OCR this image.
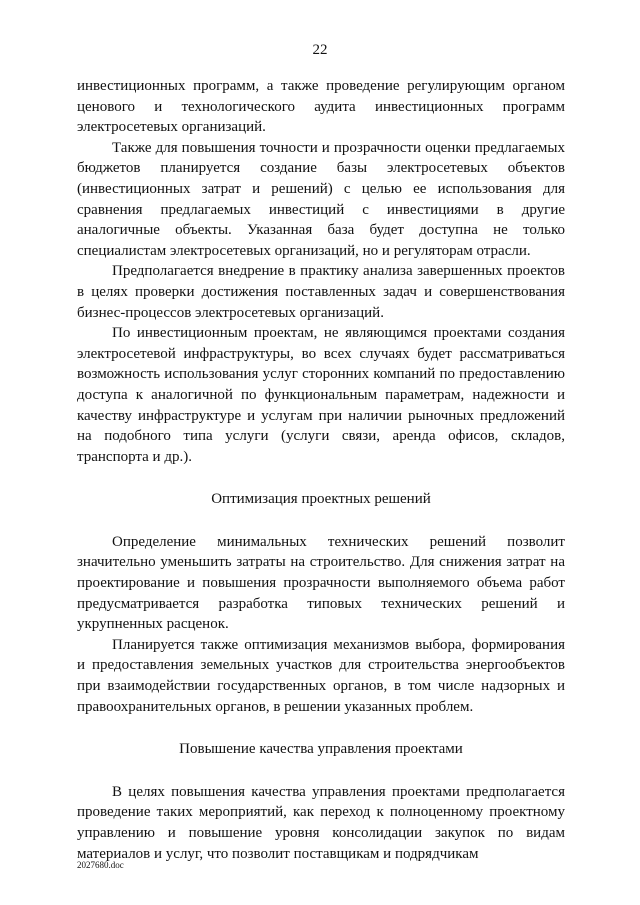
22

инвестиционных программ, а также проведение регулирующим органом ценового и технологического аудита инвестиционных программ электросетевых организаций.

Также для повышения точности и прозрачности оценки предлагаемых бюджетов планируется создание базы электросетевых объектов (инвестиционных затрат и решений) с целью ее использования для сравнения предлагаемых инвестиций с инвестициями в другие аналогичные объекты. Указанная база будет доступна не только специалистам электросетевых организаций, но и регуляторам отрасли.

Предполагается внедрение в практику анализа завершенных проектов в целях проверки достижения поставленных задач и совершенствования бизнес-процессов электросетевых организаций.

По инвестиционным проектам, не являющимся проектами создания электросетевой инфраструктуры, во всех случаях будет рассматриваться возможность использования услуг сторонних компаний по предоставлению доступа к аналогичной по функциональным параметрам, надежности и качеству инфраструктуре и услугам при наличии рыночных предложений на подобного типа услуги (услуги связи, аренда офисов, складов, транспорта и др.).

Оптимизация проектных решений

Определение минимальных технических решений позволит значительно уменьшить затраты на строительство. Для снижения затрат на проектирование и повышения прозрачности выполняемого объема работ предусматривается разработка типовых технических решений и укрупненных расценок.

Планируется также оптимизация механизмов выбора, формирования и предоставления земельных участков для строительства энергообъектов при взаимодействии государственных органов, в том числе надзорных и правоохранительных органов, в решении указанных проблем.

Повышение качества управления проектами

В целях повышения качества управления проектами предполагается проведение таких мероприятий, как переход к полноценному проектному управлению и повышение уровня консолидации закупок по видам материалов и услуг, что позволит поставщикам и подрядчикам

2027680.doc
